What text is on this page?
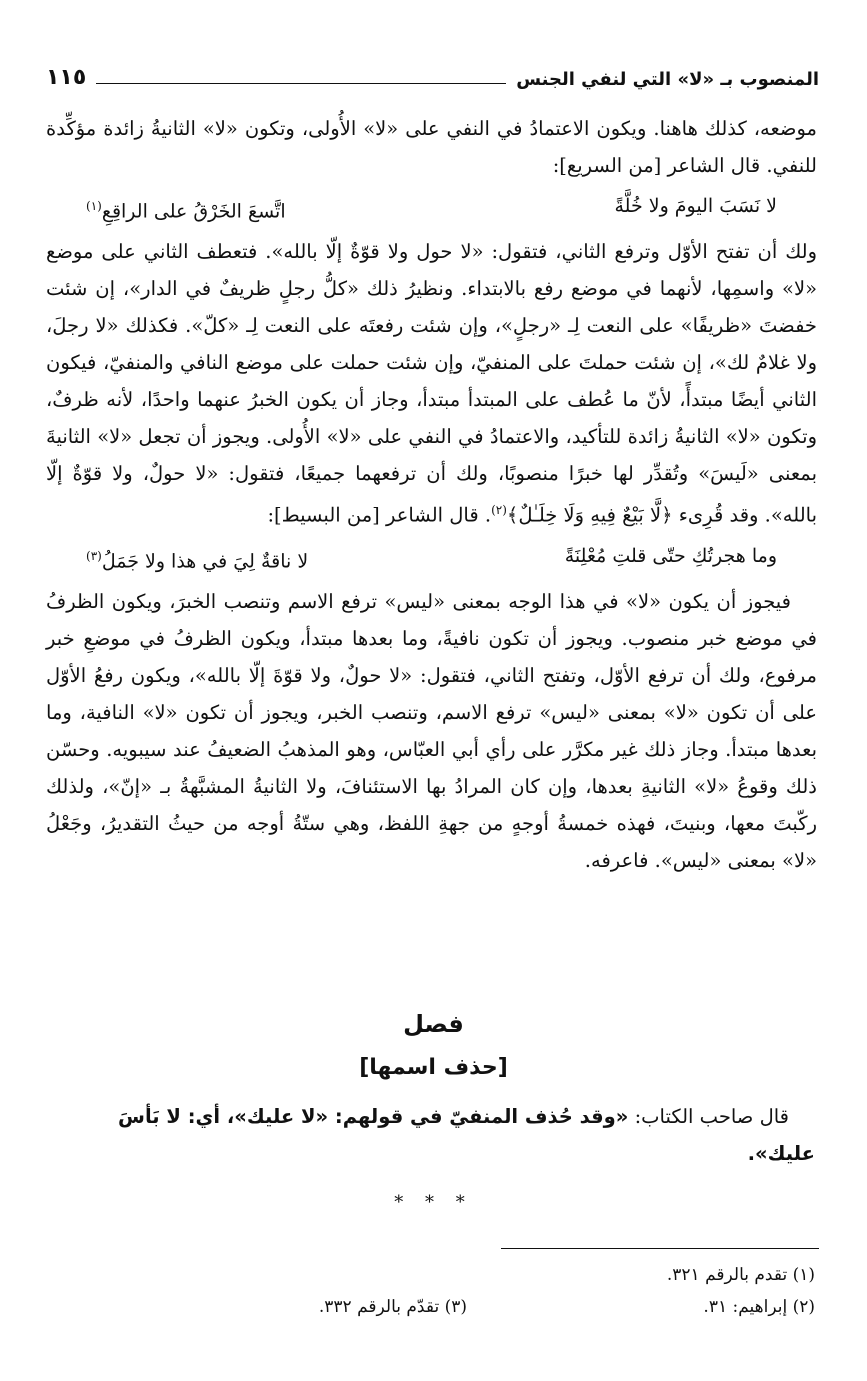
المنصوب بـ «لا» التي لنفي الجنس
١١٥

موضعه، كذلك هاهنا. ويكون الاعتمادُ في النفي على «لا» الأُولى، وتكون «لا» الثانيةُ زائدة مؤكِّدة للنفي. قال الشاعر [من السريع]:

لا نَسَبَ اليومَ ولا خُلَّةً
اتَّسعَ الخَرْقُ على الراقِعِ$^{(١)}$

ولك أن تفتح الأوّل وترفع الثاني، فتقول: «لا حول ولا قوّةٌ إلّا بالله». فتعطف الثاني على موضع «لا» واسمِها، لأنهما في موضع رفع بالابتداء. ونظيرُ ذلك «كلُّ رجلٍ ظريفٌ في الدار»، إن شئت خفضتَ «ظريفًا» على النعت لِـ «رجلٍ»، وإن شئت رفعتَه على النعت لِـ «كلّ». فكذلك «لا رجلَ، ولا غلامٌ لك»، إن شئت حملتَ على المنفيّ، وإن شئت حملت على موضع النافي والمنفيّ، فيكون الثاني أيضًا مبتدأً، لأنّ ما عُطف على المبتدأ مبتدأ، وجاز أن يكون الخبرُ عنهما واحدًا، لأنه ظرفٌ، وتكون «لا» الثانيةُ زائدة للتأكيد، والاعتمادُ في النفي على «لا» الأُولى. ويجوز أن تجعل «لا» الثانيةَ بمعنى «لَيسَ» وتُقدِّر لها خبرًا منصوبًا، ولك أن ترفعهما جميعًا، فتقول: «لا حولٌ، ولا قوّةٌ إلّا بالله». وقد قُرِىء ﴿لَّا بَيْعٌ فِيهِ وَلَا خِلَـٰلٌ﴾$^{(٢)}$. قال الشاعر [من البسيط]:

وما هجرتُكِ حتّى قلتِ مُعْلِنَةً
لا ناقةٌ لِيَ في هذا ولا جَمَلُ$^{(٣)}$

فيجوز أن يكون «لا» في هذا الوجه بمعنى «ليس» ترفع الاسم وتنصب الخبرَ، ويكون الظرفُ في موضع خبر منصوب. ويجوز أن تكون نافيةً، وما بعدها مبتدأ، ويكون الظرفُ في موضعِ خبر مرفوع، ولك أن ترفع الأوّل، وتفتح الثاني، فتقول: «لا حولٌ، ولا قوّةَ إلّا بالله»، ويكون رفعُ الأوّل على أن تكون «لا» بمعنى «ليس» ترفع الاسم، وتنصب الخبر، ويجوز أن تكون «لا» النافية، وما بعدها مبتدأ. وجاز ذلك غير مكرَّر على رأي أبي العبّاس، وهو المذهبُ الضعيفُ عند سيبويه. وحسّن ذلك وقوعُ «لا» الثانيةِ بعدها، وإن كان المرادُ بها الاستئنافَ، ولا الثانيةُ المشبَّهةُ بـ «إنّ»، ولذلك ركّبتَ معها، وبنيتَ، فهذه خمسةُ أوجهٍ من جهةِ اللفظ، وهي ستّةُ أوجه من حيثُ التقديرُ، وجَعْلُ «لا» بمعنى «ليس». فاعرفه.

فصل
[حذف اسمها]
قال صاحب الكتاب: «وقد حُذف المنفيّ في قولهم: «لا عليك»، أي: لا بَأسَ عليك».
* * *
(١) تقدم بالرقم ٣٢١.
(٢) إبراهيم: ٣١.
(٣) تقدّم بالرقم ٣٣٢.
